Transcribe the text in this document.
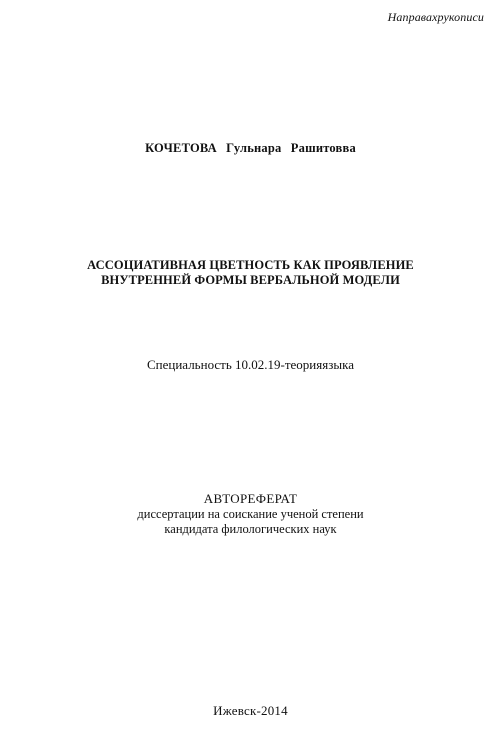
Направахрукописи
КОЧЕТОВА Гульнара Рашитовва
АССОЦИАТИВНАЯ ЦВЕТНОСТЬ КАК ПРОЯВЛЕНИЕ
ВНУТРЕННЕЙ ФОРМЫ ВЕРБАЛЬНОЙ МОДЕЛИ
Специальность 10.02.19-теорияязыка
АВТОРЕФЕРАТ
диссертации на соискание ученой степени
кандидата филологических наук
Ижевск-2014
